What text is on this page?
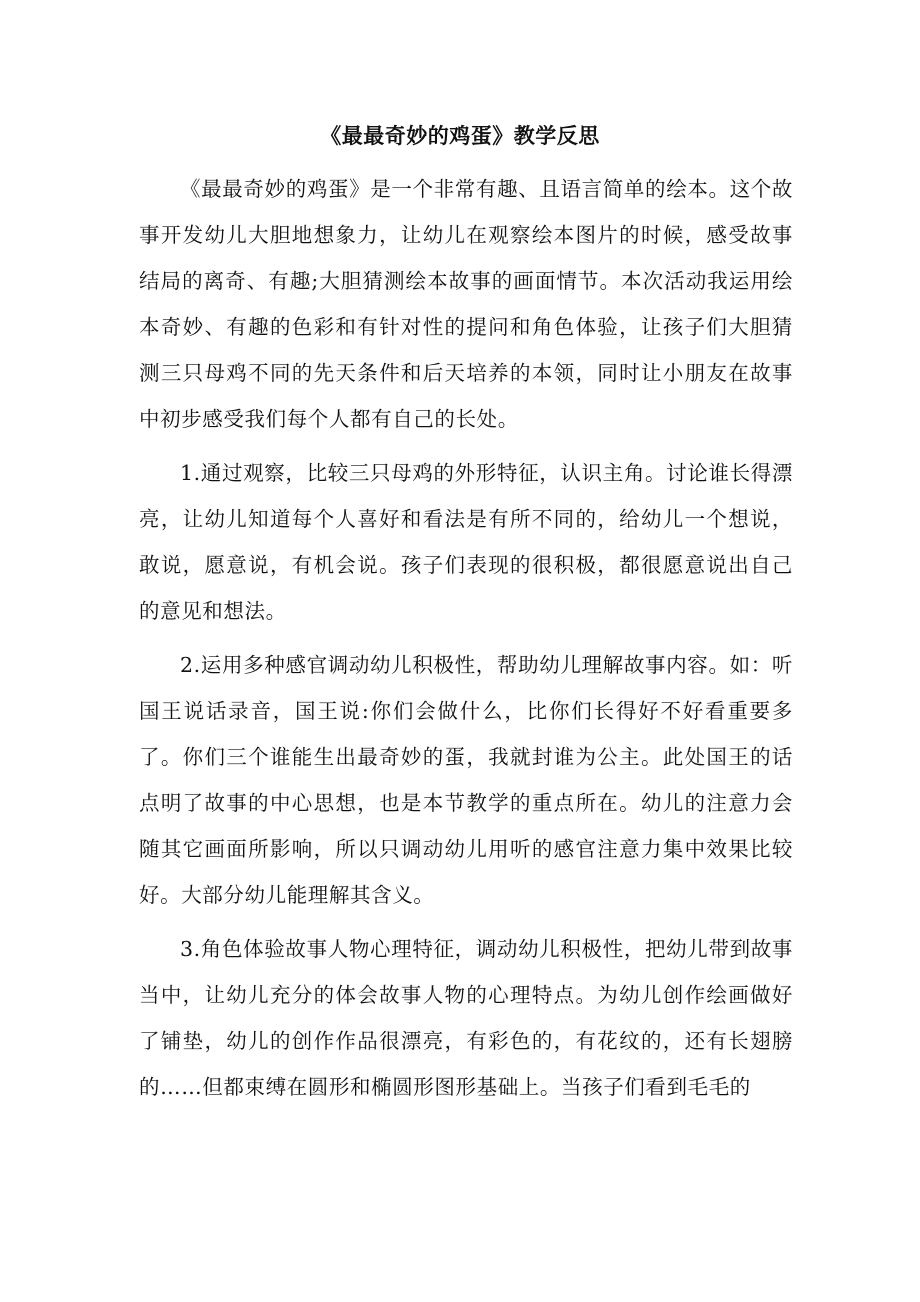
《最最奇妙的鸡蛋》教学反思

《最最奇妙的鸡蛋》是一个非常有趣、且语言简单的绘本。这个故事开发幼儿大胆地想象力，让幼儿在观察绘本图片的时候，感受故事结局的离奇、有趣;大胆猜测绘本故事的画面情节。本次活动我运用绘本奇妙、有趣的色彩和有针对性的提问和角色体验，让孩子们大胆猜测三只母鸡不同的先天条件和后天培养的本领，同时让小朋友在故事中初步感受我们每个人都有自己的长处。

1.通过观察，比较三只母鸡的外形特征，认识主角。讨论谁长得漂亮，让幼儿知道每个人喜好和看法是有所不同的，给幼儿一个想说，敢说，愿意说，有机会说。孩子们表现的很积极，都很愿意说出自己的意见和想法。

2.运用多种感官调动幼儿积极性，帮助幼儿理解故事内容。如：听国王说话录音，国王说:你们会做什么，比你们长得好不好看重要多了。你们三个谁能生出最奇妙的蛋，我就封谁为公主。此处国王的话点明了故事的中心思想，也是本节教学的重点所在。幼儿的注意力会随其它画面所影响，所以只调动幼儿用听的感官注意力集中效果比较好。大部分幼儿能理解其含义。

3.角色体验故事人物心理特征，调动幼儿积极性，把幼儿带到故事当中，让幼儿充分的体会故事人物的心理特点。为幼儿创作绘画做好了铺垫，幼儿的创作作品很漂亮，有彩色的，有花纹的，还有长翅膀的……但都束缚在圆形和椭圆形图形基础上。当孩子们看到毛毛的
